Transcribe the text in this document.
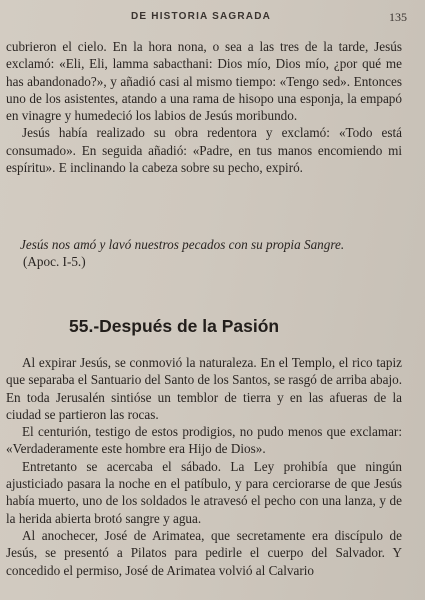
DE HISTORIA SAGRADA	135

cubrieron el cielo. En la hora nona, o sea a las tres de la tarde, Jesús exclamó: «Eli, Eli, lamma sabacthani: Dios mío, Dios mío, ¿por qué me has abandonado?», y añadió casi al mismo tiempo: «Tengo sed». Entonces uno de los asistentes, atando a una rama de hisopo una esponja, la empapó en vinagre y humedeció los labios de Jesús moribundo.

Jesús había realizado su obra redentora y exclamó: «Todo está consumado». En seguida añadió: «Padre, en tus manos encomiendo mi espíritu». E inclinando la cabeza sobre su pecho, expiró.

Jesús nos amó y lavó nuestros pecados con su propia Sangre.
(Apoc. I-5.)
55.-Después de la Pasión

Al expirar Jesús, se conmovió la naturaleza. En el Templo, el rico tapiz que separaba el Santuario del Santo de los Santos, se rasgó de arriba abajo. En toda Jerusalén sintióse un temblor de tierra y en las afueras de la ciudad se partieron las rocas.

El centurión, testigo de estos prodigios, no pudo menos que exclamar: «Verdaderamente este hombre era Hijo de Dios».

Entretanto se acercaba el sábado. La Ley prohibía que ningún ajusticiado pasara la noche en el patíbulo, y para cerciorarse de que Jesús había muerto, uno de los soldados le atravesó el pecho con una lanza, y de la herida abierta brotó sangre y agua.

Al anochecer, José de Arimatea, que secretamente era discípulo de Jesús, se presentó a Pilatos para pedirle el cuerpo del Salvador. Y concedido el permiso, José de Arimatea volvió al Calvario
